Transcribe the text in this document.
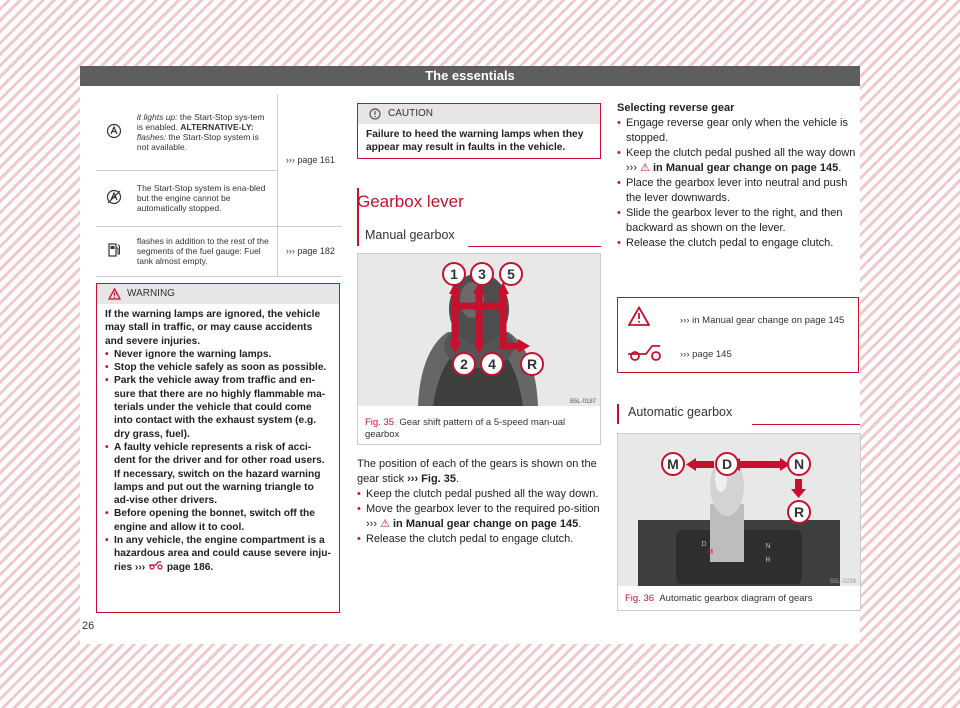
The essentials
	it lights up: the Start-Stop sys-tem is enabled. ALTERNATIVE-LY:
flashes: the Start-Stop system is not available.	››› page 161
	The Start-Stop system is ena-bled but the engine cannot be automatically stopped.	
	flashes in addition to the rest of the segments of the fuel gauge: Fuel tank almost empty.	››› page 182
WARNING
If the warning lamps are ignored, the vehicle may stall in traffic, or may cause accidents and severe injuries.
• Never ignore the warning lamps.
• Stop the vehicle safely as soon as possible.
• Park the vehicle away from traffic and en-sure that there are no highly flammable ma-terials under the vehicle that could come into contact with the exhaust system (e.g. dry grass, fuel).
• A faulty vehicle represents a risk of acci-dent for the driver and for other road users. If necessary, switch on the hazard warning lamps and put out the warning triangle to ad-vise other drivers.
• Before opening the bonnet, switch off the engine and allow it to cool.
• In any vehicle, the engine compartment is a hazardous area and could cause severe inju-ries ›››  page 186.
CAUTION
Failure to heed the warning lamps when they appear may result in faults in the vehicle.
Gearbox lever
Manual gearbox
1 3 5
2 4 R
B5L-0187
Fig. 35 Gear shift pattern of a 5-speed man-ual gearbox
The position of each of the gears is shown on the gear stick ››› Fig. 35.
• Keep the clutch pedal pushed all the way down.
• Move the gearbox lever to the required po-sition ››› ⚠ in Manual gear change on page 145.
• Release the clutch pedal to engage clutch.
Selecting reverse gear
• Engage reverse gear only when the vehicle is stopped.
• Keep the clutch pedal pushed all the way down ››› ⚠ in Manual gear change on page 145.
• Place the gearbox lever into neutral and push the lever downwards.
• Slide the gearbox lever to the right, and then backward as shown on the lever.
• Release the clutch pedal to engage clutch.
››› in Manual gear change on page 145
››› page 145
Automatic gearbox
M	D	N
R
D
M
N
R
B5L-0238
Fig. 36 Automatic gearbox diagram of gears
26
